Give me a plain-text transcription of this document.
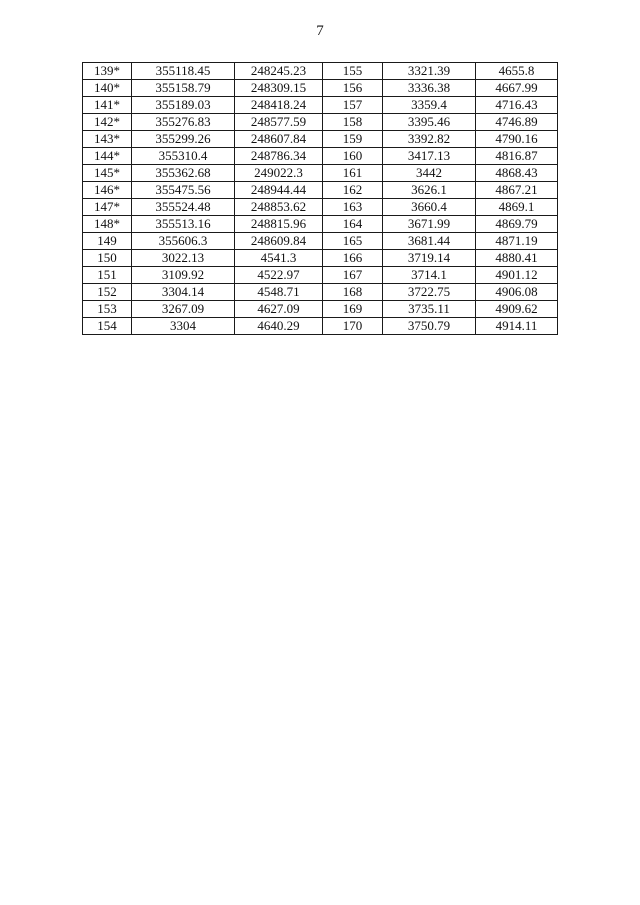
7
139*	355118.45	248245.23	155	3321.39	4655.8
140*	355158.79	248309.15	156	3336.38	4667.99
141*	355189.03	248418.24	157	3359.4	4716.43
142*	355276.83	248577.59	158	3395.46	4746.89
143*	355299.26	248607.84	159	3392.82	4790.16
144*	355310.4	248786.34	160	3417.13	4816.87
145*	355362.68	249022.3	161	3442	4868.43
146*	355475.56	248944.44	162	3626.1	4867.21
147*	355524.48	248853.62	163	3660.4	4869.1
148*	355513.16	248815.96	164	3671.99	4869.79
149	355606.3	248609.84	165	3681.44	4871.19
150	3022.13	4541.3	166	3719.14	4880.41
151	3109.92	4522.97	167	3714.1	4901.12
152	3304.14	4548.71	168	3722.75	4906.08
153	3267.09	4627.09	169	3735.11	4909.62
154	3304	4640.29	170	3750.79	4914.11
